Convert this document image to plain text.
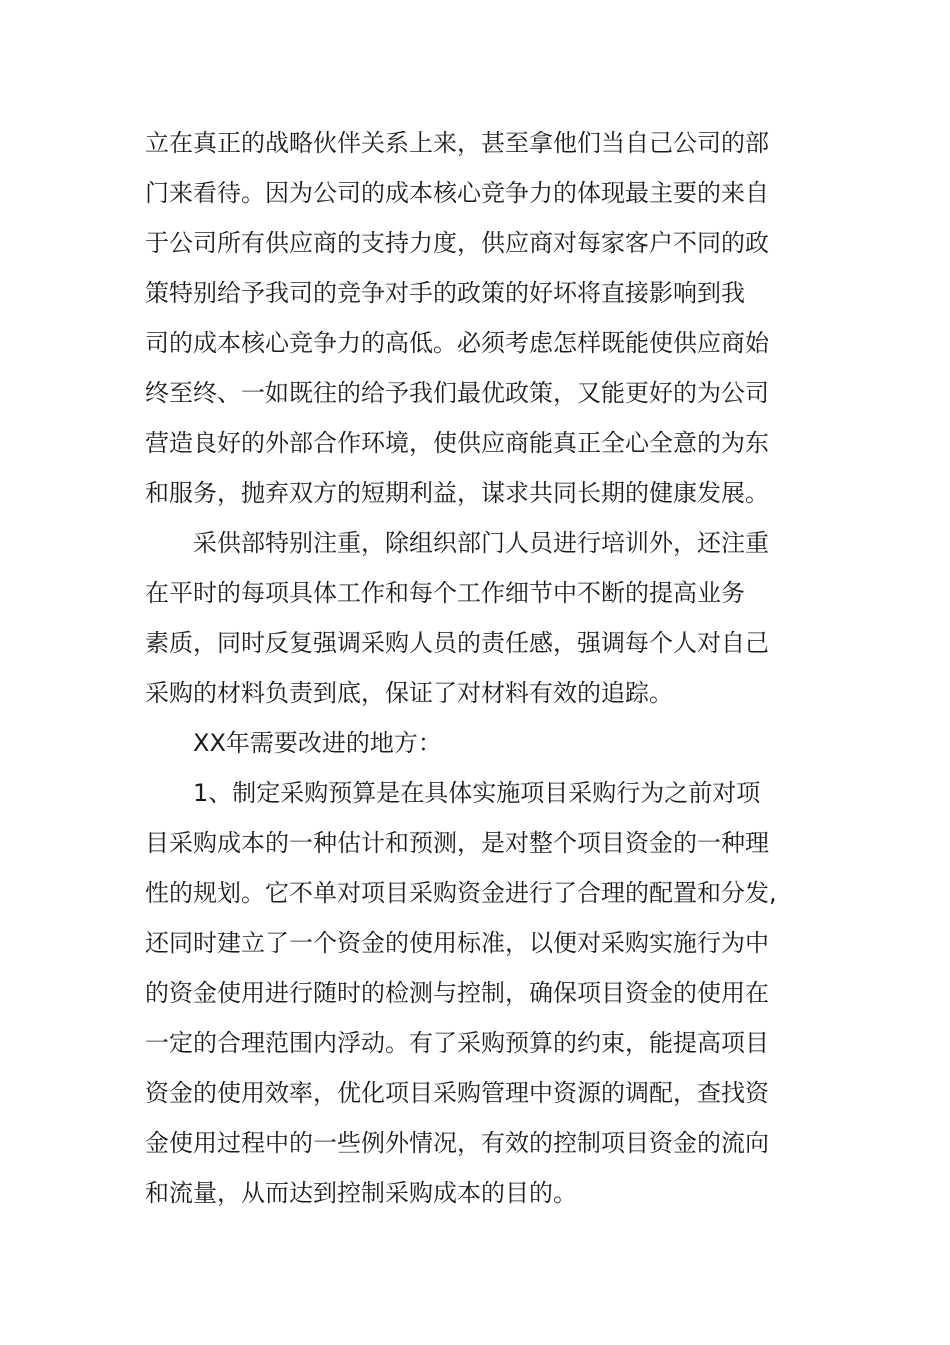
立在真正的战略伙伴关系上来，甚至拿他们当自己公司的部
门来看待。因为公司的成本核心竞争力的体现最主要的来自
于公司所有供应商的支持力度，供应商对每家客户不同的政
策特别给予我司的竞争对手的政策的好坏将直接影响到我
司的成本核心竞争力的高低。必须考虑怎样既能使供应商始
终至终、一如既往的给予我们最优政策，又能更好的为公司
营造良好的外部合作环境，使供应商能真正全心全意的为东
和服务，抛弃双方的短期利益，谋求共同长期的健康发展。
采供部特别注重，除组织部门人员进行培训外，还注重
在平时的每项具体工作和每个工作细节中不断的提高业务
素质，同时反复强调采购人员的责任感，强调每个人对自己
采购的材料负责到底，保证了对材料有效的追踪。
XX年需要改进的地方：
1、制定采购预算是在具体实施项目采购行为之前对项
目采购成本的一种估计和预测，是对整个项目资金的一种理
性的规划。它不单对项目采购资金进行了合理的配置和分发,
还同时建立了一个资金的使用标准，以便对采购实施行为中
的资金使用进行随时的检测与控制，确保项目资金的使用在
一定的合理范围内浮动。有了采购预算的约束，能提高项目
资金的使用效率，优化项目采购管理中资源的调配，查找资
金使用过程中的一些例外情况，有效的控制项目资金的流向
和流量，从而达到控制采购成本的目的。
